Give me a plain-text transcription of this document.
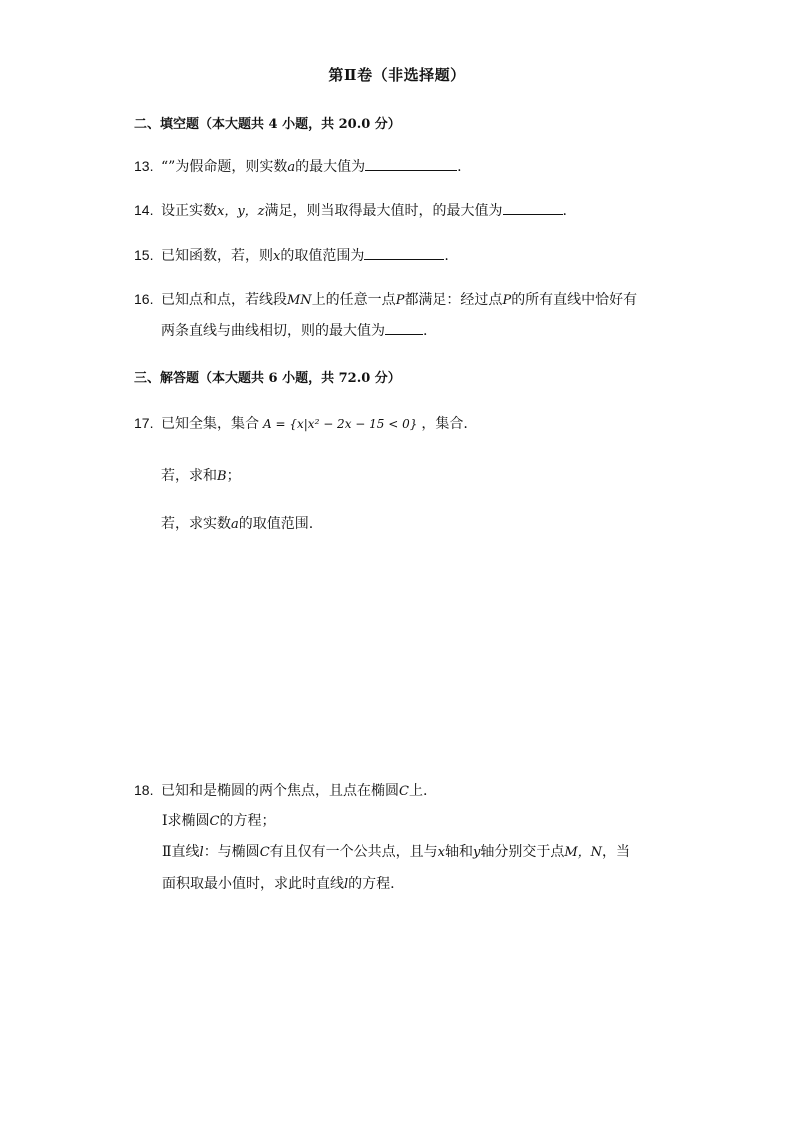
第Ⅱ卷（非选择题）
二、填空题（本大题共 4 小题，共 20.0 分）
13. “”为假命题，则实数a的最大值为	.
14. 设正实数x，y，z满足，则当取得最大值时，的最大值为	.
15. 已知函数，若，则x的取值范围为	.
16. 已知点和点，若线段MN上的任意一点P都满足：经过点P的所有直线中恰好有
两条直线与曲线相切，则的最大值为	.
三、解答题（本大题共 6 小题，共 72.0 分）
17. 已知全集，集合 A = {x|x² − 2x − 15 < 0} ，集合.
若，求和B；
若，求实数a的取值范围.
18. 已知和是椭圆的两个焦点，且点在椭圆C上.
Ⅰ求椭圆C的方程；
Ⅱ直线l：与椭圆C有且仅有一个公共点，且与x轴和y轴分别交于点M，N，当
面积取最小值时，求此时直线l的方程.
